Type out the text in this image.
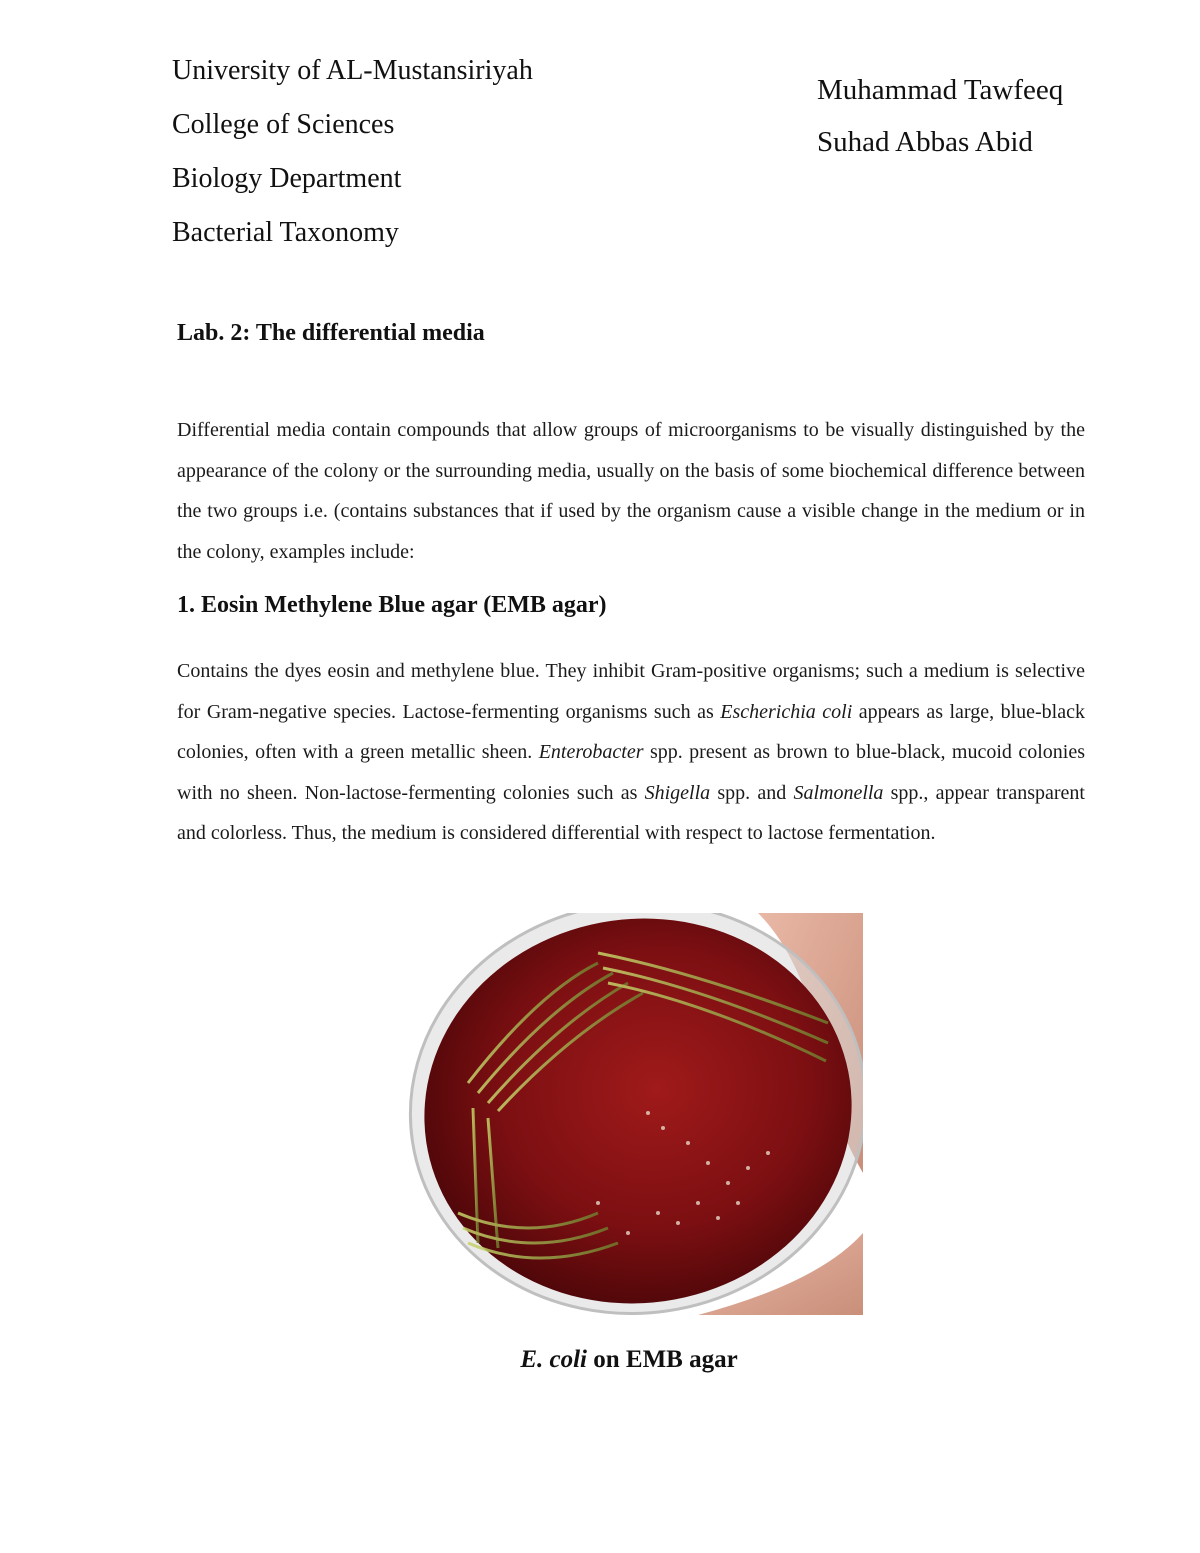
University of AL-Mustansiriyah
College of Sciences
Biology Department
Bacterial Taxonomy
Muhammad Tawfeeq
Suhad Abbas Abid
Lab. 2: The differential media
Differential media contain compounds that allow groups of microorganisms to be visually distinguished by the appearance of the colony or the surrounding media, usually on the basis of some biochemical difference between the two groups i.e. (contains substances that if used by the organism cause a visible change in the medium or in the colony, examples include:
1. Eosin Methylene Blue agar (EMB agar)
Contains the dyes eosin and methylene blue. They inhibit Gram-positive organisms; such a medium is selective for Gram-negative species. Lactose-fermenting organisms such as Escherichia coli appears as large, blue-black colonies, often with a green metallic sheen. Enterobacter spp. present as brown to blue-black, mucoid colonies with no sheen. Non-lactose-fermenting colonies such as Shigella spp. and Salmonella spp., appear transparent and colorless. Thus, the medium is considered differential with respect to lactose fermentation.
E. coli on EMB agar
